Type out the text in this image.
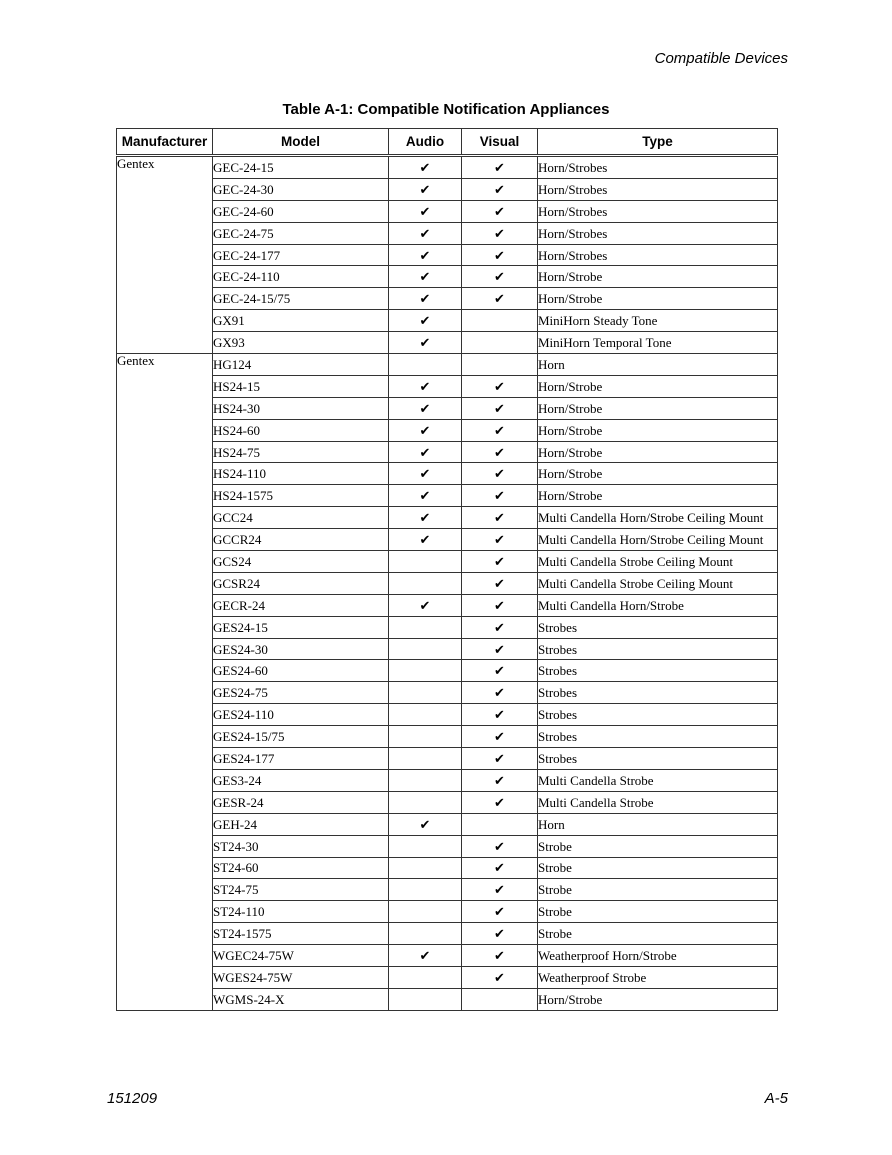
Compatible Devices
Table A-1: Compatible Notification Appliances
Manufacturer	Model	Audio	Visual	Type
Gentex	GEC-24-15	✔	✔	Horn/Strobes
	GEC-24-30	✔	✔	Horn/Strobes
	GEC-24-60	✔	✔	Horn/Strobes
	GEC-24-75	✔	✔	Horn/Strobes
	GEC-24-177	✔	✔	Horn/Strobes
	GEC-24-110	✔	✔	Horn/Strobe
	GEC-24-15/75	✔	✔	Horn/Strobe
	GX91	✔		MiniHorn Steady Tone
	GX93	✔		MiniHorn Temporal Tone
Gentex	HG124			Horn
	HS24-15	✔	✔	Horn/Strobe
	HS24-30	✔	✔	Horn/Strobe
	HS24-60	✔	✔	Horn/Strobe
	HS24-75	✔	✔	Horn/Strobe
	HS24-110	✔	✔	Horn/Strobe
	HS24-1575	✔	✔	Horn/Strobe
	GCC24	✔	✔	Multi Candella Horn/Strobe Ceiling Mount
	GCCR24	✔	✔	Multi Candella Horn/Strobe Ceiling Mount
	GCS24		✔	Multi Candella Strobe Ceiling Mount
	GCSR24		✔	Multi Candella Strobe Ceiling Mount
	GECR-24	✔	✔	Multi Candella Horn/Strobe
	GES24-15		✔	Strobes
	GES24-30		✔	Strobes
	GES24-60		✔	Strobes
	GES24-75		✔	Strobes
	GES24-110		✔	Strobes
	GES24-15/75		✔	Strobes
	GES24-177		✔	Strobes
	GES3-24		✔	Multi Candella Strobe
	GESR-24		✔	Multi Candella Strobe
	GEH-24	✔		Horn
	ST24-30		✔	Strobe
	ST24-60		✔	Strobe
	ST24-75		✔	Strobe
	ST24-110		✔	Strobe
	ST24-1575		✔	Strobe
	WGEC24-75W	✔	✔	Weatherproof Horn/Strobe
	WGES24-75W		✔	Weatherproof Strobe
	WGMS-24-X			Horn/Strobe
151209	A-5
